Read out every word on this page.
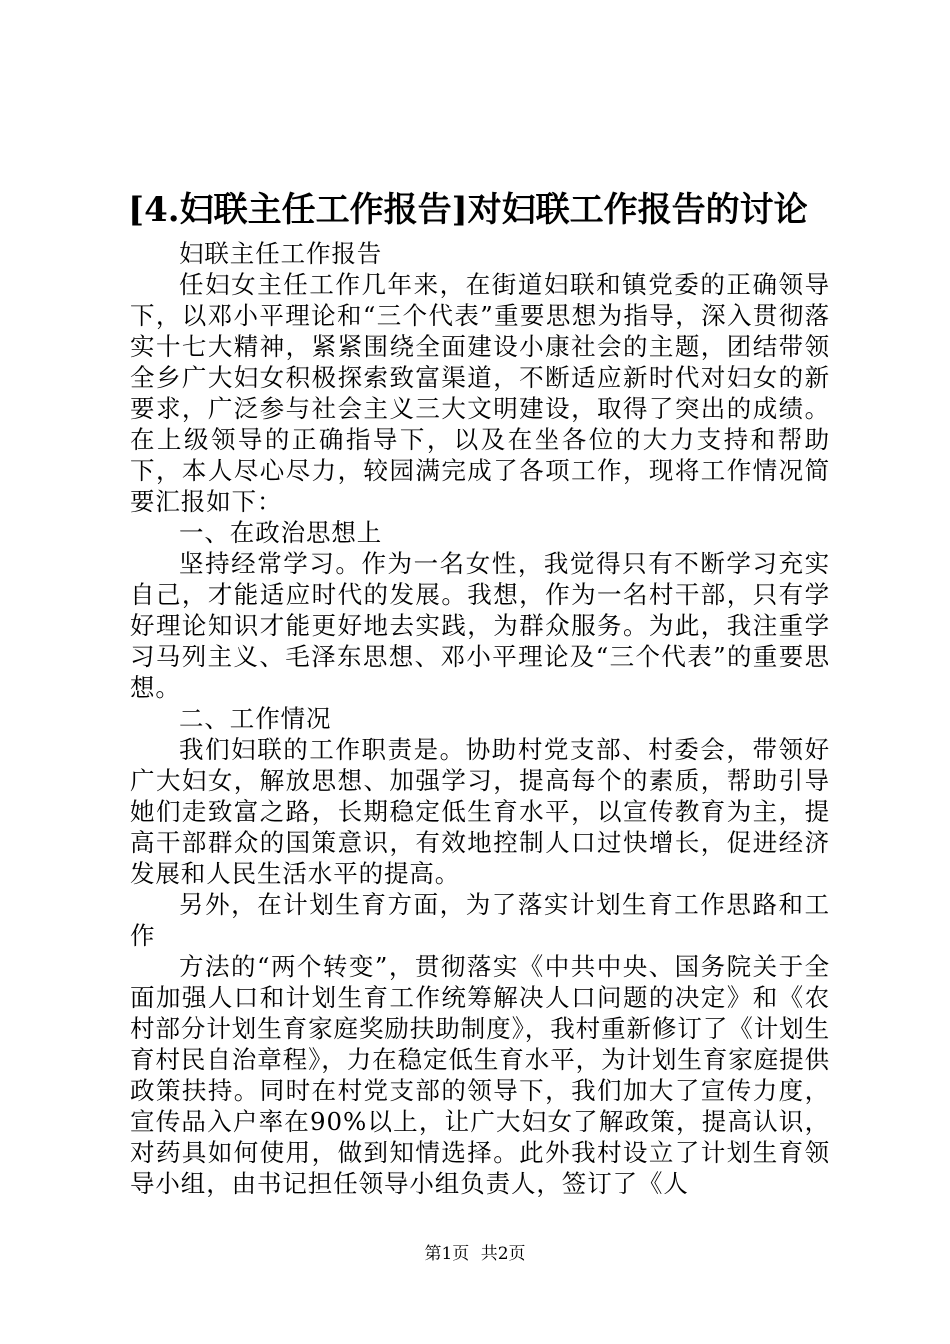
[4.妇联主任工作报告]对妇联工作报告的讨论

妇联主任工作报告

任妇女主任工作几年来，在街道妇联和镇党委的正确领导下，以邓小平理论和“三个代表”重要思想为指导，深入贯彻落实十七大精神，紧紧围绕全面建设小康社会的主题，团结带领全乡广大妇女积极探索致富渠道，不断适应新时代对妇女的新要求，广泛参与社会主义三大文明建设，取得了突出的成绩。在上级领导的正确指导下，以及在坐各位的大力支持和帮助下，本人尽心尽力，较园满完成了各项工作，现将工作情况简要汇报如下：

一、在政治思想上

坚持经常学习。作为一名女性，我觉得只有不断学习充实自己，才能适应时代的发展。我想，作为一名村干部，只有学好理论知识才能更好地去实践，为群众服务。为此，我注重学习马列主义、毛泽东思想、邓小平理论及“三个代表”的重要思想。

二、工作情况

我们妇联的工作职责是。协助村党支部、村委会，带领好广大妇女，解放思想、加强学习，提高每个的素质，帮助引导她们走致富之路，长期稳定低生育水平，以宣传教育为主，提高干部群众的国策意识，有效地控制人口过快增长，促进经济发展和人民生活水平的提高。

另外，在计划生育方面，为了落实计划生育工作思路和工作

方法的“两个转变”，贯彻落实《中共中央、国务院关于全面加强人口和计划生育工作统筹解决人口问题的决定》和《农村部分计划生育家庭奖励扶助制度》，我村重新修订了《计划生育村民自治章程》，力在稳定低生育水平，为计划生育家庭提供政策扶持。同时在村党支部的领导下，我们加大了宣传力度，宣传品入户率在90%以上，让广大妇女了解政策，提高认识，对药具如何使用，做到知情选择。此外我村设立了计划生育领导小组，由书记担任领导小组负责人，签订了《人

第1页 共2页
